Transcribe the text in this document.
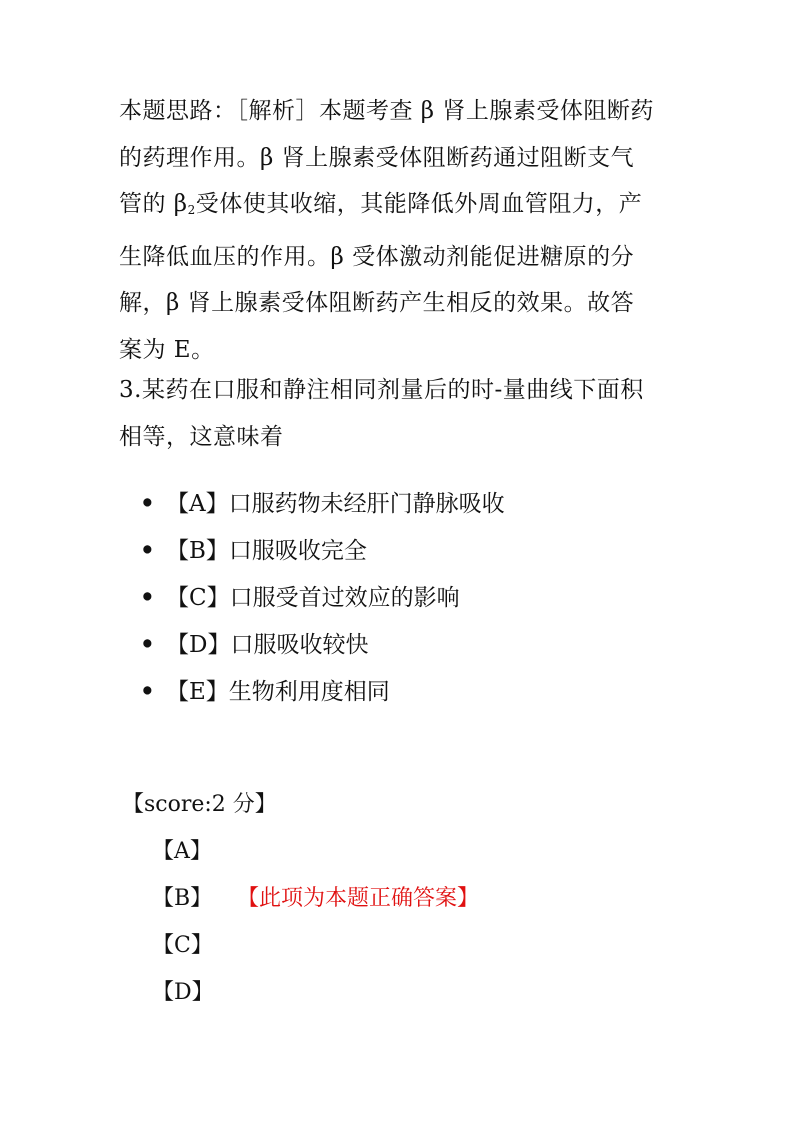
本题思路：［解析］本题考查 β 肾上腺素受体阻断药
的药理作用。β 肾上腺素受体阻断药通过阻断支气
管的 $\beta_2$受体使其收缩，其能降低外周血管阻力，产
生降低血压的作用。β 受体激动剂能促进糖原的分
解，β 肾上腺素受体阻断药产生相反的效果。故答
案为 E。
3.某药在口服和静注相同剂量后的时-量曲线下面积
相等，这意味着
• 【A】口服药物未经肝门静脉吸收
• 【B】口服吸收完全
• 【C】口服受首过效应的影响
• 【D】口服吸收较快
• 【E】生物利用度相同
【score:2 分】
【A】
【B】 【此项为本题正确答案】
【C】
【D】
